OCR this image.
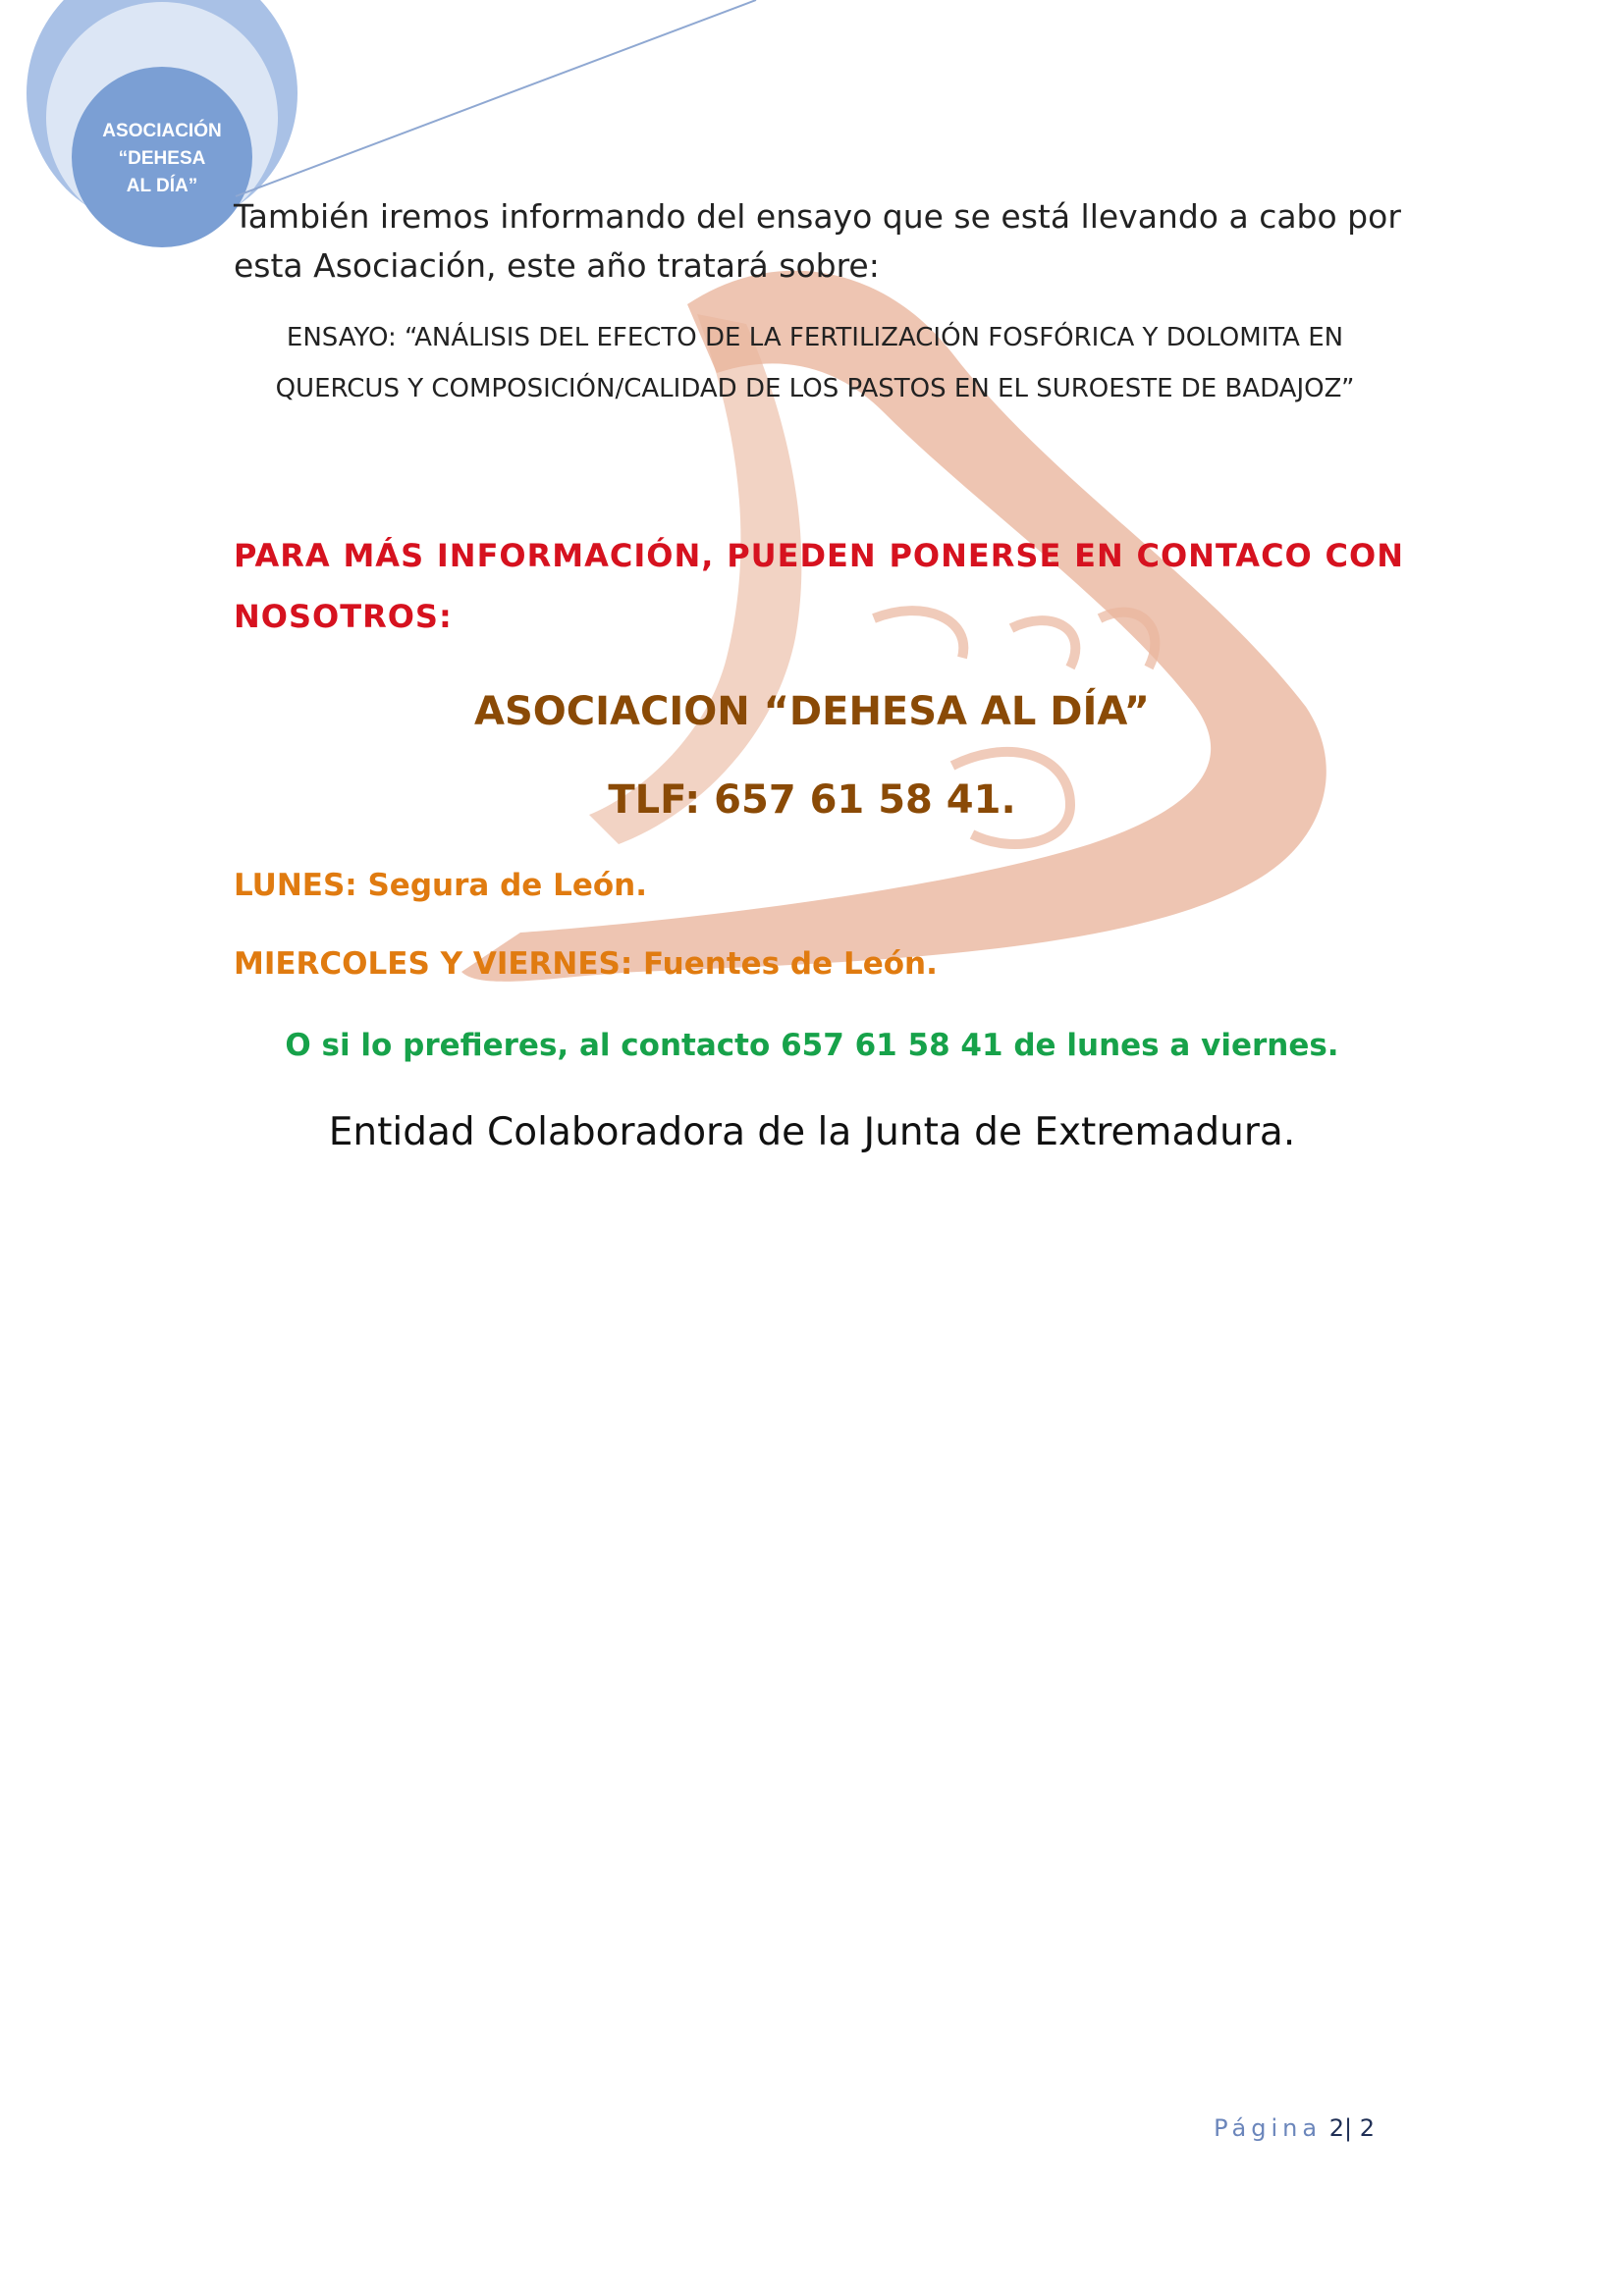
ASOCIACIÓN
“DEHESA
AL DÍA”
También iremos informando del ensayo que se está llevando a cabo por esta Asociación, este año tratará sobre:
ENSAYO: “ANÁLISIS DEL EFECTO DE LA FERTILIZACIÓN FOSFÓRICA Y DOLOMITA EN
QUERCUS Y COMPOSICIÓN/CALIDAD DE LOS PASTOS EN EL SUROESTE DE BADAJOZ”
PARA MÁS INFORMACIÓN, PUEDEN PONERSE EN CONTACO CON
NOSOTROS:
ASOCIACION “DEHESA AL DÍA”
TLF: 657 61 58 41.
LUNES: Segura de León.
MIERCOLES Y VIERNES: Fuentes de León.
O si lo prefieres, al contacto 657 61 58 41 de lunes a viernes.
Entidad Colaboradora de la Junta de Extremadura.
Página 2| 2
